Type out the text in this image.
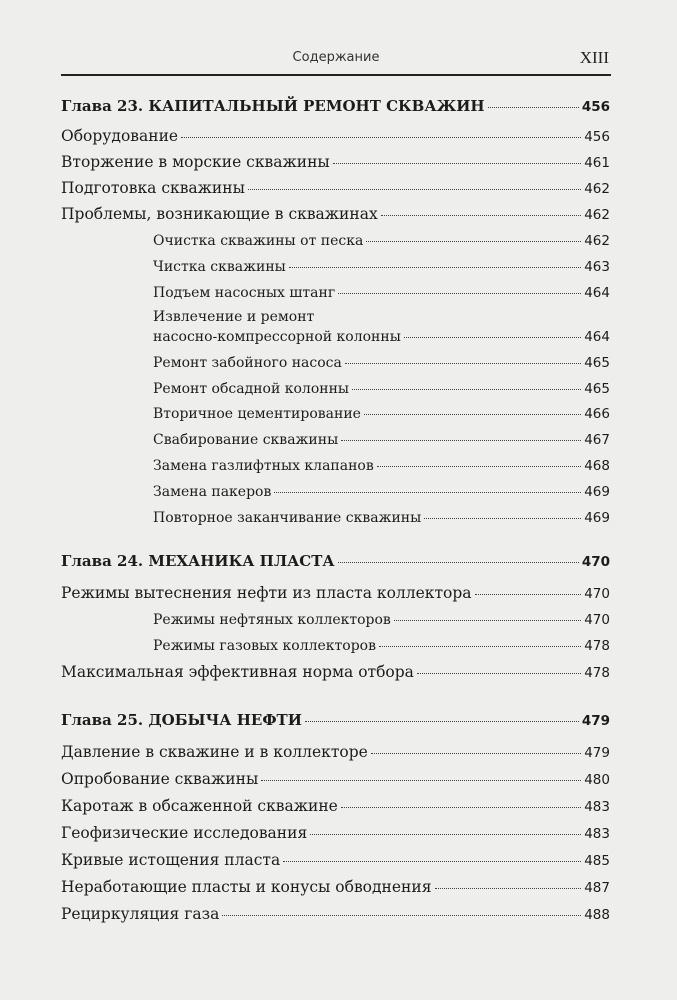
Содержание	XIII
Глава 23. КАПИТАЛЬНЫЙ РЕМОНТ СКВАЖИН	456
Оборудование	456
Вторжение в морские скважины	461
Подготовка скважины	462
Проблемы, возникающие в скважинах	462
Очистка скважины от песка	462
Чистка скважины	463
Подъем насосных штанг	464
Извлечение и ремонт
насосно-компрессорной колонны	464
Ремонт забойного насоса	465
Ремонт обсадной колонны	465
Вторичное цементирование	466
Свабирование скважины	467
Замена газлифтных клапанов	468
Замена пакеров	469
Повторное заканчивание скважины	469
Глава 24. МЕХАНИКА ПЛАСТА	470
Режимы вытеснения нефти из пласта коллектора	470
Режимы нефтяных коллекторов	470
Режимы газовых коллекторов	478
Максимальная эффективная норма отбора	478
Глава 25. ДОБЫЧА НЕФТИ	479
Давление в скважине и в коллекторе	479
Опробование скважины	480
Каротаж в обсаженной скважине	483
Геофизические исследования	483
Кривые истощения пласта	485
Неработающие пласты и конусы обводнения	487
Рециркуляция газа	488
